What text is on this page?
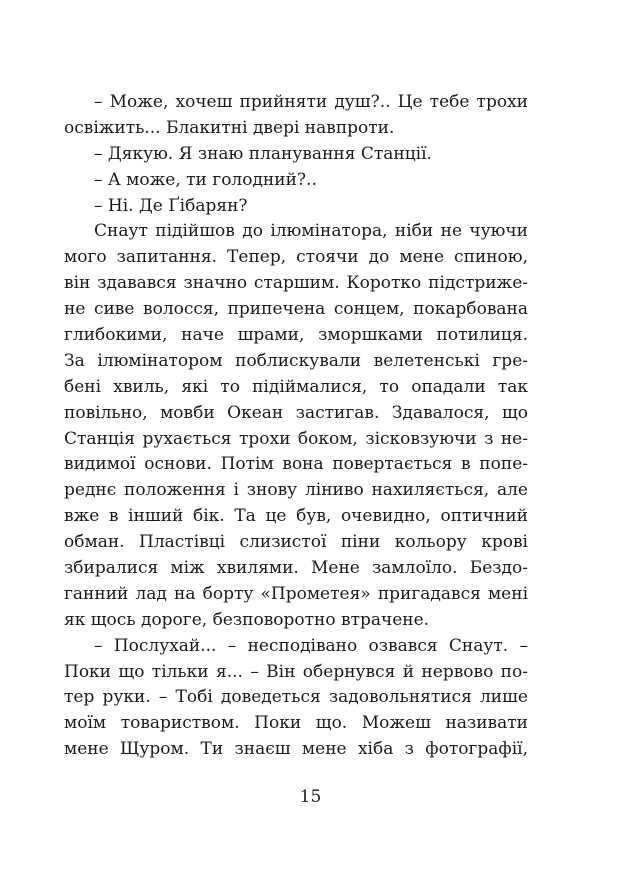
– Може, хочеш прийняти душ?.. Це тебе трохи
освіжить... Блакитні двері навпроти.
– Дякую. Я знаю планування Станції.
– А може, ти голодний?..
– Ні. Де Ґібарян?
Снаут підійшов до ілюмінатора, ніби не чуючи
мого запитання. Тепер, стоячи до мене спиною,
він здавався значно старшим. Коротко підстриже-
не сиве волосся, припечена сонцем, покарбована
глибокими, наче шрами, зморшками потилиця.
За ілюмінатором поблискували велетенські гре-
бені хвиль, які то підіймалися, то опадали так
повільно, мовби Океан застигав. Здавалося, що
Станція рухається трохи боком, зісковзуючи з не-
видимої основи. Потім вона повертається в попе-
реднє положення і знову ліниво нахиляється, але
вже в інший бік. Та це був, очевидно, оптичний
обман. Пластівці слизистої піни кольору крові
збиралися між хвилями. Мене замлоїло. Бездо-
ганний лад на борту «Прометея» пригадався мені
як щось дороге, безповоротно втрачене.
– Послухай... – несподівано озвався Снаут. –
Поки що тільки я... – Він обернувся й нервово по-
тер руки. – Тобі доведеться задовольнятися лише
моїм товариством. Поки що. Можеш називати
мене Щуром. Ти знаєш мене хіба з фотографії,
15
